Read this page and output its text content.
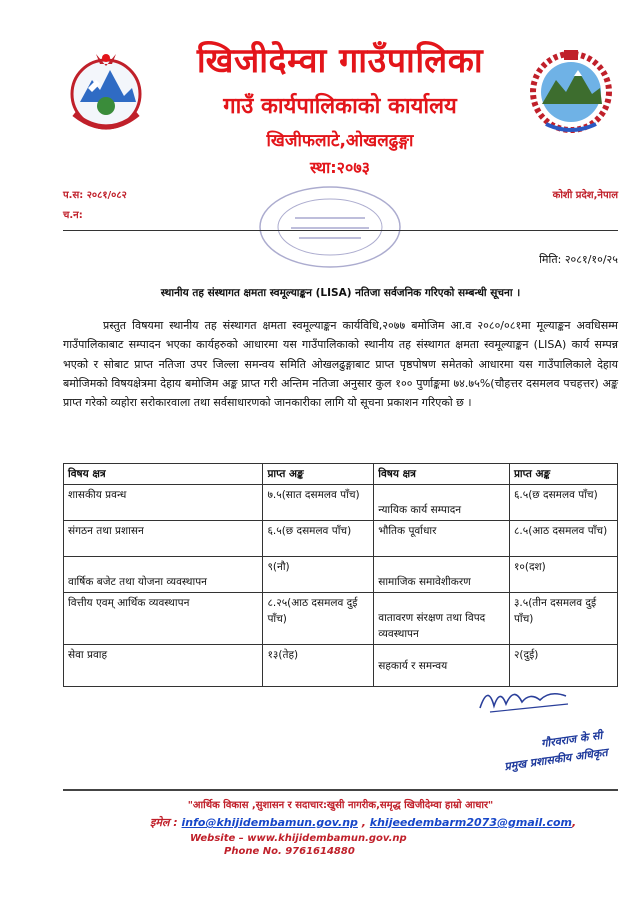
खिजीदेम्वा गाउँपालिका
गाउँ कार्यपालिकाको कार्यालय
खिजीफलाटे,ओखलढुङ्गा
स्था:२०७३
प.स: २०८१/०८२
च.न:
कोशी प्रदेश,नेपाल
मिति: २०८१/१०/२५
स्थानीय तह संस्थागत क्षमता स्वमूल्याङ्कन (LISA) नतिजा सर्वजनिक गरिएको सम्बन्धी सूचना ।
प्रस्तुत विषयमा स्थानीय तह संस्थागत क्षमता स्वमूल्याङ्कन कार्यविधि,२०७७ बमोजिम आ.व २०८०/०८१मा मूल्याङ्कन अवधिसम्म गाउँपालिकाबाट सम्पादन भएका कार्यहरुको आधारमा यस गाउँपालिकाको स्थानीय तह संस्थागत क्षमता स्वमूल्याङ्कन (LISA) कार्य सम्पन्न भएको र सोबाट प्राप्त नतिजा उपर जिल्ला समन्वय समिति ओखलढुङ्गाबाट प्राप्त पृष्ठपोषण समेतको आधारमा यस गाउँपालिकाले देहाय बमोजिमको विषयक्षेत्रमा देहाय बमोजिम अङ्क प्राप्त गरी अन्तिम नतिजा अनुसार कुल १०० पुर्णाङ्कमा ७४.७५%(चौहत्तर दसमलव पचहत्तर) अङ्क प्राप्त गरेको व्यहोरा सरोकारवाला तथा सर्वसाधारणको जानकारीका लागि यो सूचना प्रकाशन गरिएको छ ।
विषय क्षत्र	प्राप्त अङ्क	विषय क्षत्र	प्राप्त अङ्क
शासकीय प्रवन्ध	७.५(सात दसमलव पाँच)	न्यायिक कार्य सम्पादन	६.५(छ दसमलव पाँच)
संगठन तथा प्रशासन	६.५(छ दसमलव पाँच)	भौतिक पूर्वाधार	८.५(आठ दसमलव पाँच)
वार्षिक बजेट तथा योजना व्यवस्थापन	९(नौ)	सामाजिक समावेशीकरण	१०(दश)
वित्तीय एवम् आर्थिक व्यवस्थापन	८.२५(आठ दसमलव दुई पाँच)	वातावरण संरक्षण तथा विपद व्यवस्थापन	३.५(तीन दसमलव दुई पाँच)
सेवा प्रवाह	१३(तेह)	सहकार्य र समन्वय	२(दुई)
गौरवराज के सी
प्रमुख प्रशासकीय अधिकृत
"आर्थिक विकास ,सुशासन र सदाचार:खुसी नागरीक,समृद्ध खिजीदेम्वा हाम्रो आधार"
इमेल : info@khijidembamun.gov.np , khijeedembarm2073@gmail.com,
Website – www.khijidembamun.gov.np
Phone No. 9761614880
